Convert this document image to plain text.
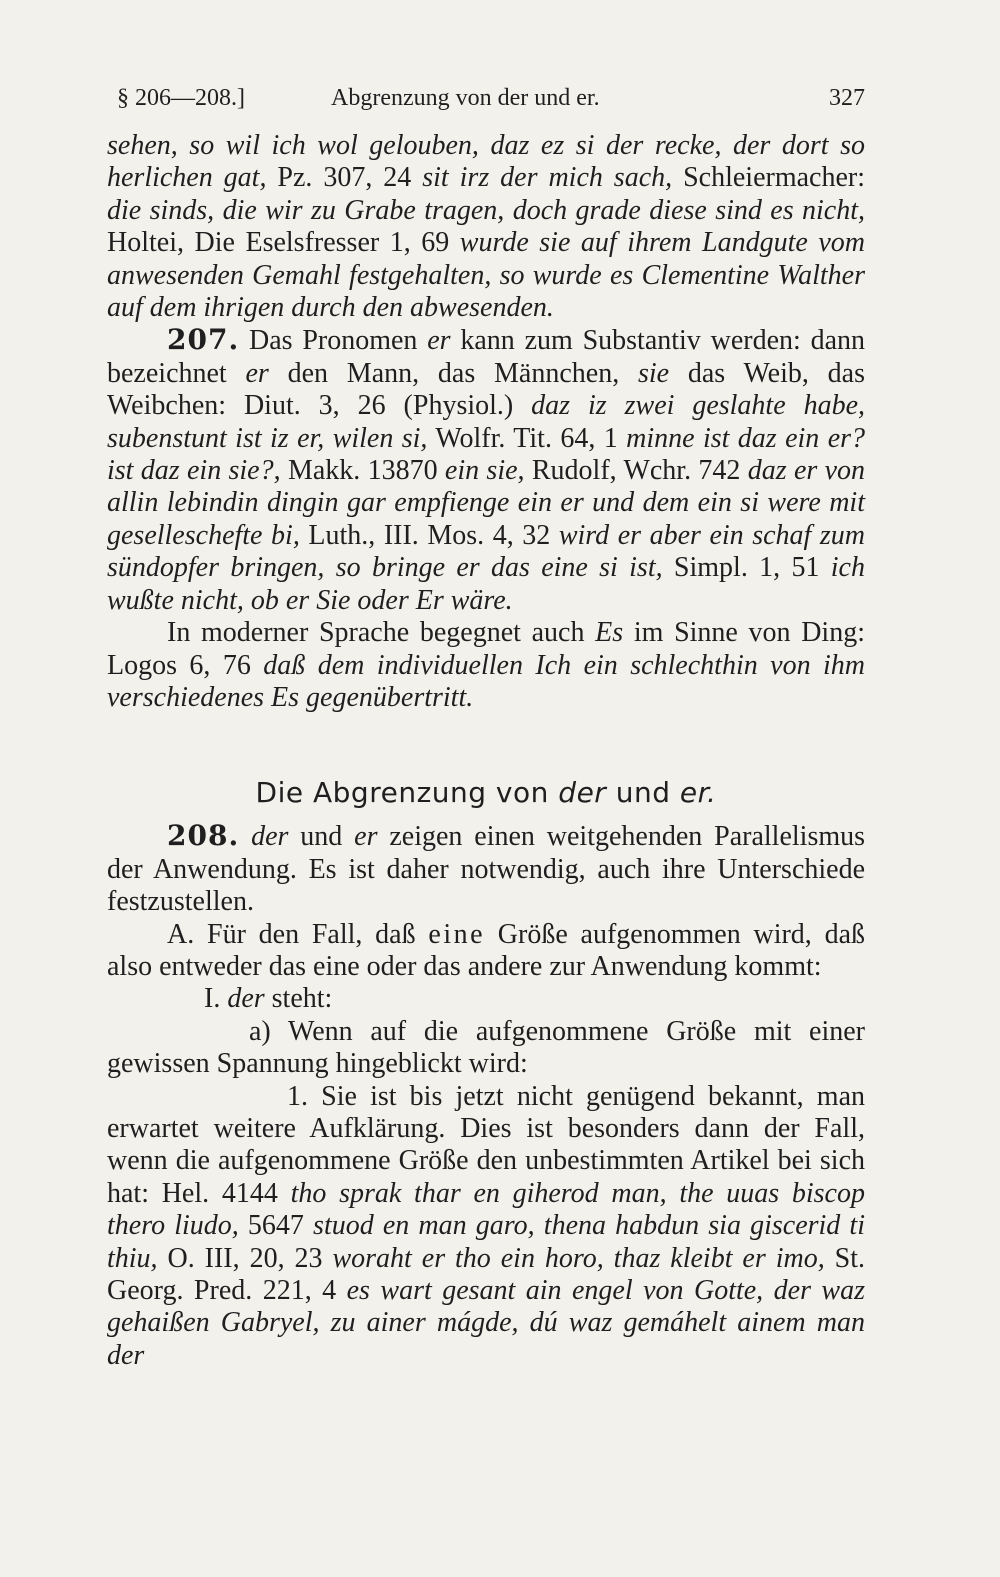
§ 206—208.]	Abgrenzung von der und er.	327

sehen, so wil ich wol gelouben, daz ez si der recke, der dort so herlichen gat, Pz. 307, 24 sit irz der mich sach, Schleiermacher: die sinds, die wir zu Grabe tragen, doch grade diese sind es nicht, Holtei, Die Eselsfresser 1, 69 wurde sie auf ihrem Landgute vom anwesenden Gemahl festgehalten, so wurde es Clementine Walther auf dem ihrigen durch den abwesenden.

207. Das Pronomen er kann zum Substantiv werden: dann bezeichnet er den Mann, das Männchen, sie das Weib, das Weibchen: Diut. 3, 26 (Physiol.) daz iz zwei geslahte habe, subenstunt ist iz er, wilen si, Wolfr. Tit. 64, 1 minne ist daz ein er? ist daz ein sie?, Makk. 13870 ein sie, Rudolf, Wchr. 742 daz er von allin lebindin dingin gar empfienge ein er und dem ein si were mit geselleschefte bi, Luth., III. Mos. 4, 32 wird er aber ein schaf zum sündopfer bringen, so bringe er das eine si ist, Simpl. 1, 51 ich wußte nicht, ob er Sie oder Er wäre.

In moderner Sprache begegnet auch Es im Sinne von Ding: Logos 6, 76 daß dem individuellen Ich ein schlechthin von ihm verschiedenes Es gegenübertritt.

Die Abgrenzung von der und er.

208. der und er zeigen einen weitgehenden Parallelismus der Anwendung. Es ist daher notwendig, auch ihre Unterschiede festzustellen.

A. Für den Fall, daß eine Größe aufgenommen wird, daß also entweder das eine oder das andere zur Anwendung kommt:

I. der steht:

a) Wenn auf die aufgenommene Größe mit einer gewissen Spannung hingeblickt wird:

1. Sie ist bis jetzt nicht genügend bekannt, man erwartet weitere Aufklärung. Dies ist besonders dann der Fall, wenn die aufgenommene Größe den unbestimmten Artikel bei sich hat: Hel. 4144 tho sprak thar en giherod man, the uuas biscop thero liudo, 5647 stuod en man garo, thena habdun sia giscerid ti thiu, O. III, 20, 23 woraht er tho ein horo, thaz kleibt er imo, St. Georg. Pred. 221, 4 es wart gesant ain engel von Gotte, der waz gehaißen Gabryel, zu ainer mágde, dú waz gemáhelt ainem man der
